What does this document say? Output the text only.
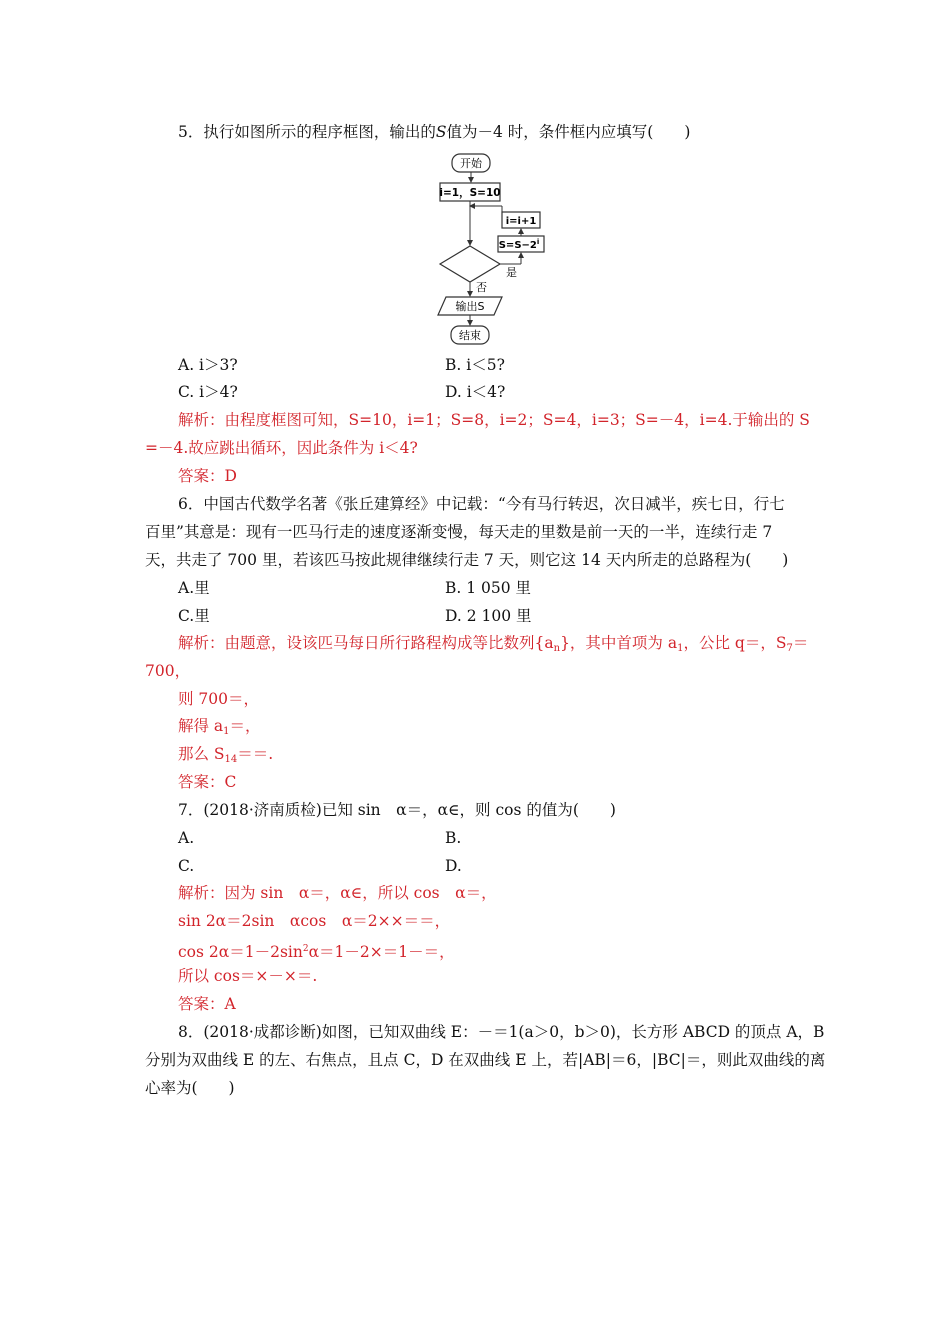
5．执行如图所示的程序框图，输出的S值为－4 时，条件框内应填写(　　)
开始
i=1，S=10
i=i+1
$S=S-2^i$
是
否
输出S
结束
A. i＞3?	B. i＜5?
C. i＞4?	D. i＜4?
解析：由程度框图可知，S=10，i=1；S=8，i=2；S=4，i=3；S=－4，i=4.于输出的 S
=－4.故应跳出循环，因此条件为 i＜4?
答案：D
6．中国古代数学名著《张丘建算经》中记载：“今有马行转迟，次日减半，疾七日，行七
百里”其意是：现有一匹马行走的速度逐渐变慢，每天走的里数是前一天的一半，连续行走 7
天，共走了 700 里，若该匹马按此规律继续行走 7 天，则它这 14 天内所走的总路程为(　　)
A.里	B. 1 050 里
C.里	D. 2 100 里
解析：由题意，设该匹马每日所行路程构成等比数列$\{a_n\}$，其中首项为 $a_1$，公比 q＝，$S_7=$
700，
则 700＝，
解得 $a_1=$，
那么 $S_{14}==$.
答案：C
7．(2018·济南质检)已知 sin　α＝，α∈，则 cos 的值为(　　)
A.	B.
C.	D.
解析：因为 sin　α＝，α∈，所以 cos　α＝，
sin 2α＝2sin　αcos　α＝2××＝＝，
$\cos 2\alpha=1-2\sin^2\alpha=1-2\times=1-=$，
所以 cos＝×－×＝.
答案：A
8．(2018·成都诊断)如图，已知双曲线 E：－＝1(a＞0，b＞0)，长方形 ABCD 的顶点 A，B
分别为双曲线 E 的左、右焦点，且点 C，D 在双曲线 E 上，若|AB|＝6，|BC|＝，则此双曲线的离
心率为(　　)
